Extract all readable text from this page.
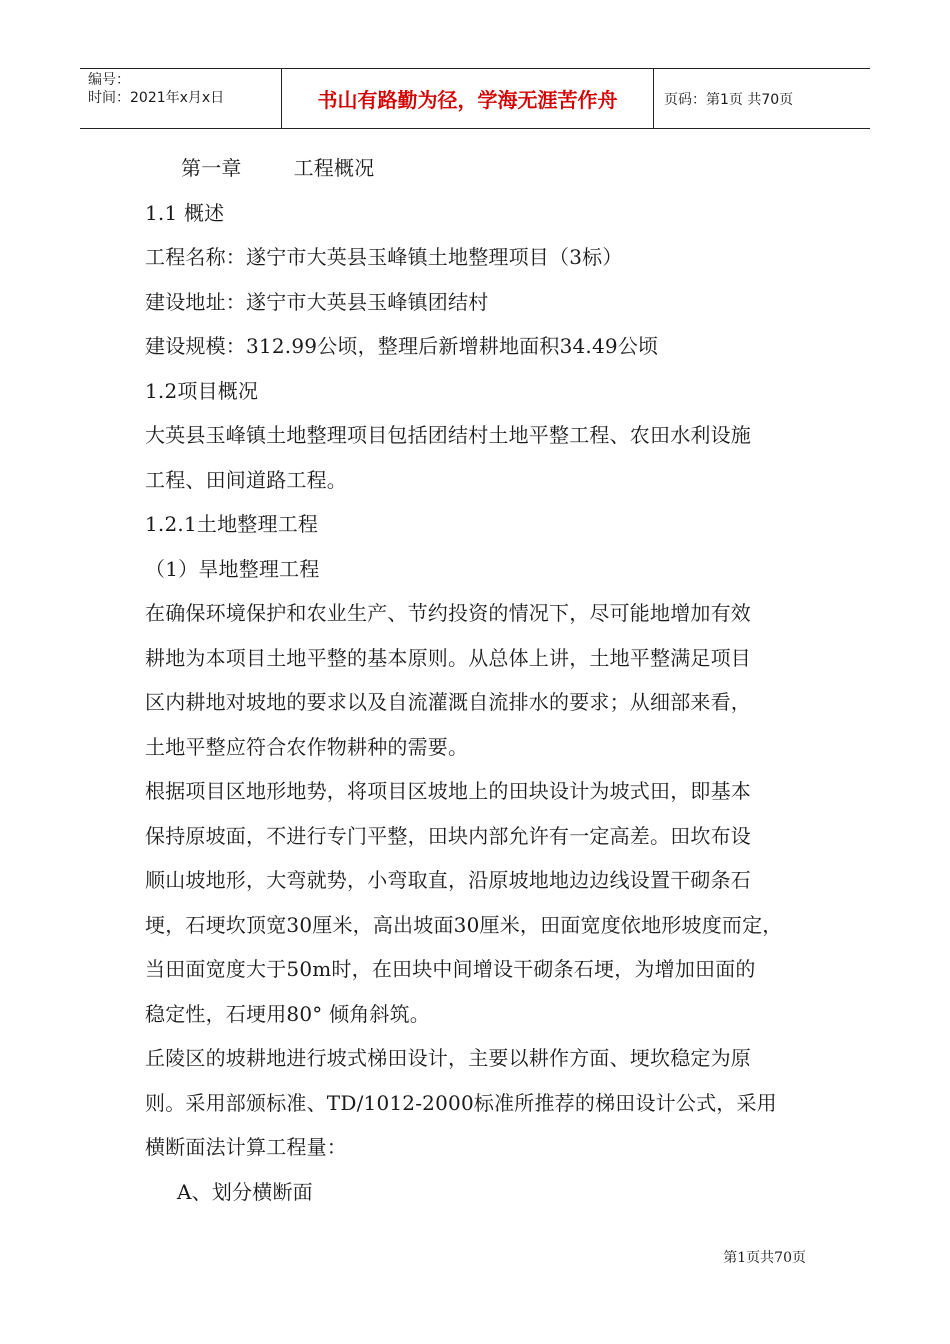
编号：
时间：2021年x月x日	书山有路勤为径，学海无涯苦作舟	页码：第1页 共70页
第一章	工程概况
1.1 概述
工程名称：遂宁市大英县玉峰镇土地整理项目（3标）
建设地址：遂宁市大英县玉峰镇团结村
建设规模：312.99公顷，整理后新增耕地面积34.49公顷
1.2项目概况
大英县玉峰镇土地整理项目包括团结村土地平整工程、农田水利设施
工程、田间道路工程。
1.2.1土地整理工程
（1）旱地整理工程
在确保环境保护和农业生产、节约投资的情况下，尽可能地增加有效
耕地为本项目土地平整的基本原则。从总体上讲，土地平整满足项目
区内耕地对坡地的要求以及自流灌溉自流排水的要求；从细部来看，
土地平整应符合农作物耕种的需要。
根据项目区地形地势，将项目区坡地上的田块设计为坡式田，即基本
保持原坡面，不进行专门平整，田块内部允许有一定高差。田坎布设
顺山坡地形，大弯就势，小弯取直，沿原坡地地边边线设置干砌条石
埂，石埂坎顶宽30厘米，高出坡面30厘米，田面宽度依地形坡度而定，
当田面宽度大于50m时，在田块中间增设干砌条石埂，为增加田面的
稳定性，石埂用80° 倾角斜筑。
丘陵区的坡耕地进行坡式梯田设计，主要以耕作方面、埂坎稳定为原
则。采用部颁标准、TD/1012-2000标准所推荐的梯田设计公式，采用
横断面法计算工程量：
A、划分横断面
第1页共70页
